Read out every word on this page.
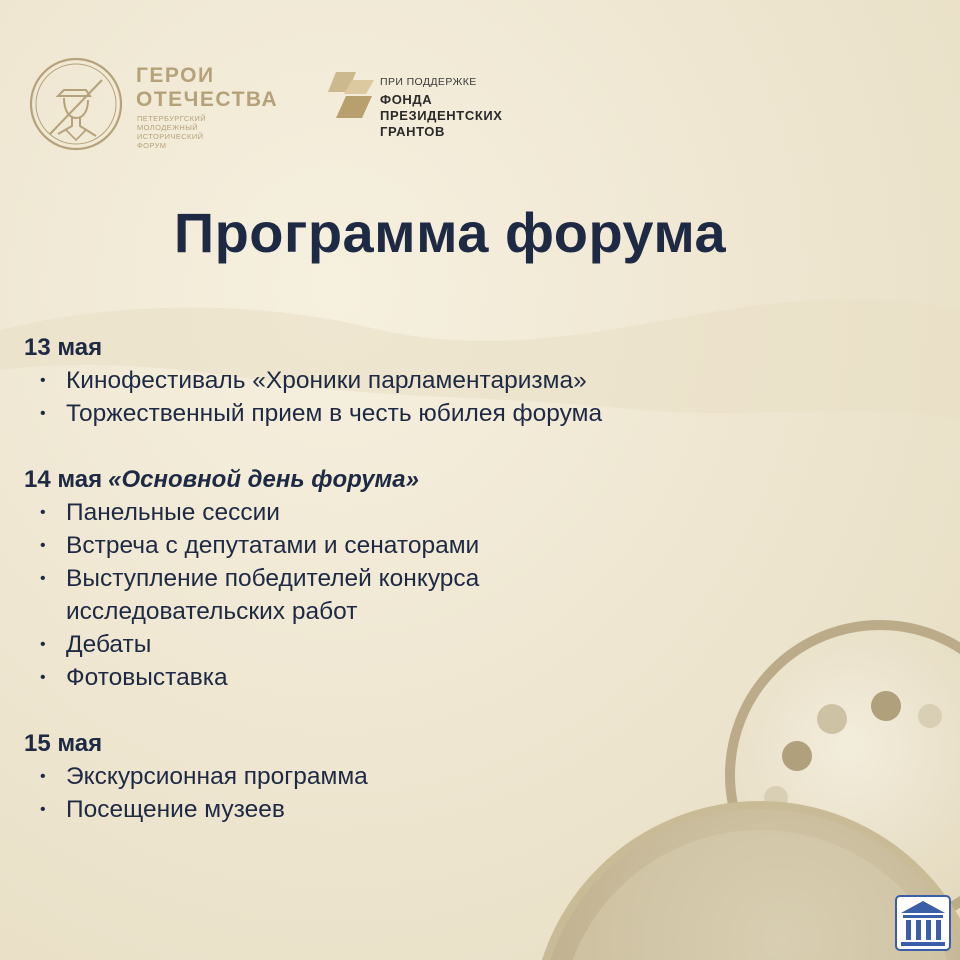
ГЕРОИ
ОТЕЧЕСТВА
ПЕТЕРБУРГСКИЙ
МОЛОДЕЖНЫЙ
ИСТОРИЧЕСКИЙ
ФОРУМ
ПРИ ПОДДЕРЖКЕ
ФОНДА
ПРЕЗИДЕНТСКИХ
ГРАНТОВ
Программа форума
13 мая
• Кинофестиваль «Хроники парламентаризма»
• Торжественный прием в честь юбилея форума
14 мая «Основной день форума»
• Панельные сессии
• Встреча с депутатами и сенаторами
• Выступление победителей конкурса
исследовательских работ
• Дебаты
• Фотовыставка
15 мая
• Экскурсионная программа
• Посещение музеев
